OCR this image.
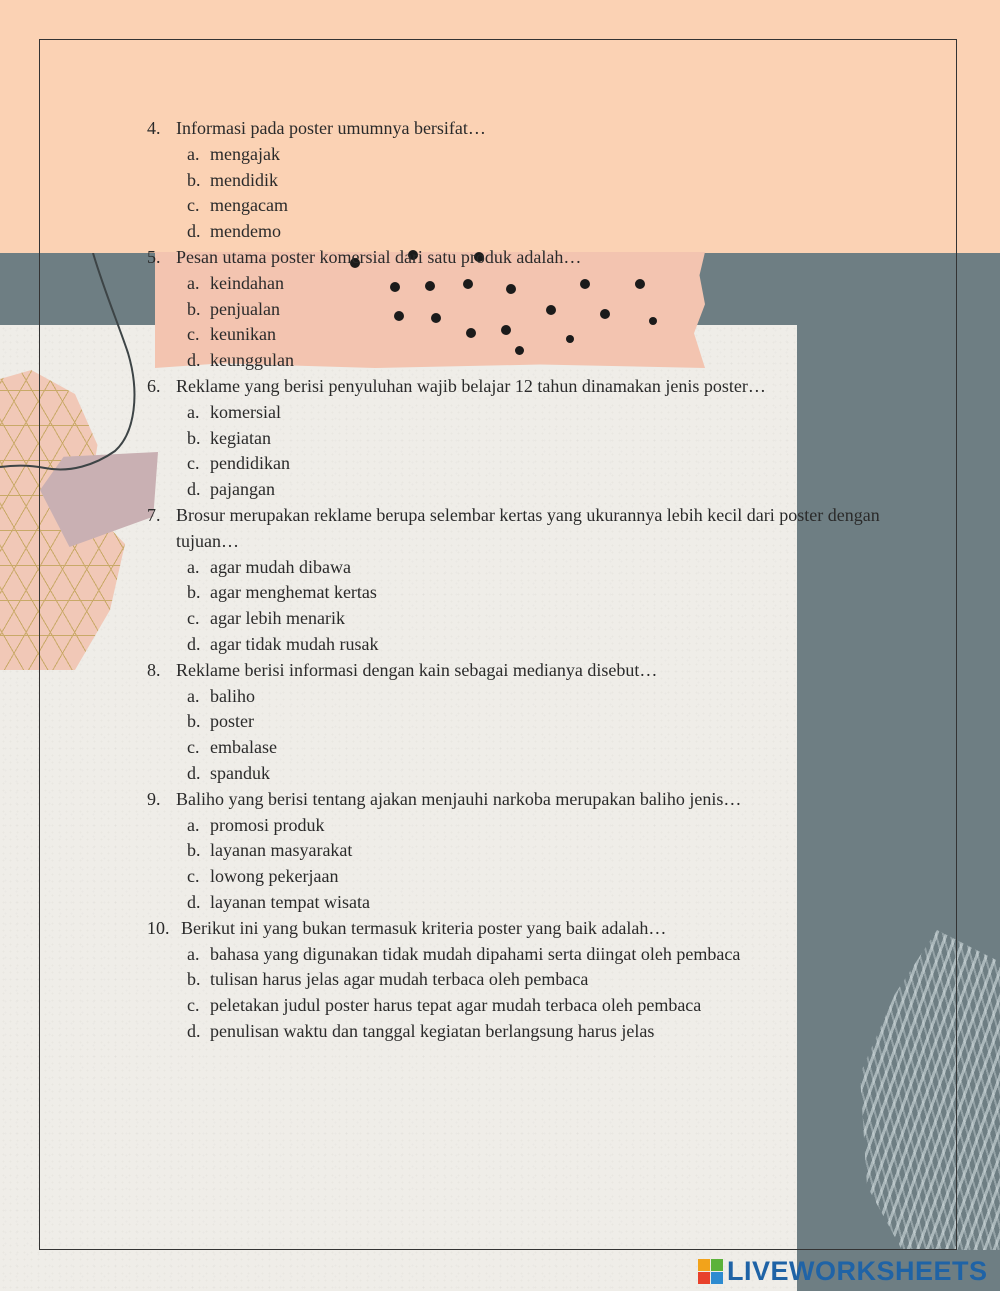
4. Informasi pada poster umumnya bersifat…
a. mengajak
b. mendidik
c. mengacam
d. mendemo
5. Pesan utama poster komersial dari satu produk adalah…
a. keindahan
b. penjualan
c. keunikan
d. keunggulan
6. Reklame yang berisi penyuluhan wajib belajar 12 tahun dinamakan jenis poster…
a. komersial
b. kegiatan
c. pendidikan
d. pajangan
7. Brosur merupakan reklame berupa selembar kertas yang ukurannya lebih kecil dari poster dengan tujuan…
a. agar mudah dibawa
b. agar menghemat kertas
c. agar lebih menarik
d. agar tidak mudah rusak
8. Reklame berisi informasi dengan kain sebagai medianya disebut…
a. baliho
b. poster
c. embalase
d. spanduk
9. Baliho yang berisi tentang ajakan menjauhi narkoba merupakan baliho jenis…
a. promosi produk
b. layanan masyarakat
c. lowong pekerjaan
d. layanan tempat wisata
10. Berikut ini yang bukan termasuk kriteria poster yang baik adalah…
a. bahasa yang digunakan tidak mudah dipahami serta diingat oleh pembaca
b. tulisan harus jelas agar mudah terbaca oleh pembaca
c. peletakan judul poster harus tepat agar mudah terbaca oleh pembaca
d. penulisan waktu dan tanggal kegiatan berlangsung harus jelas
LIVEWORKSHEETS
